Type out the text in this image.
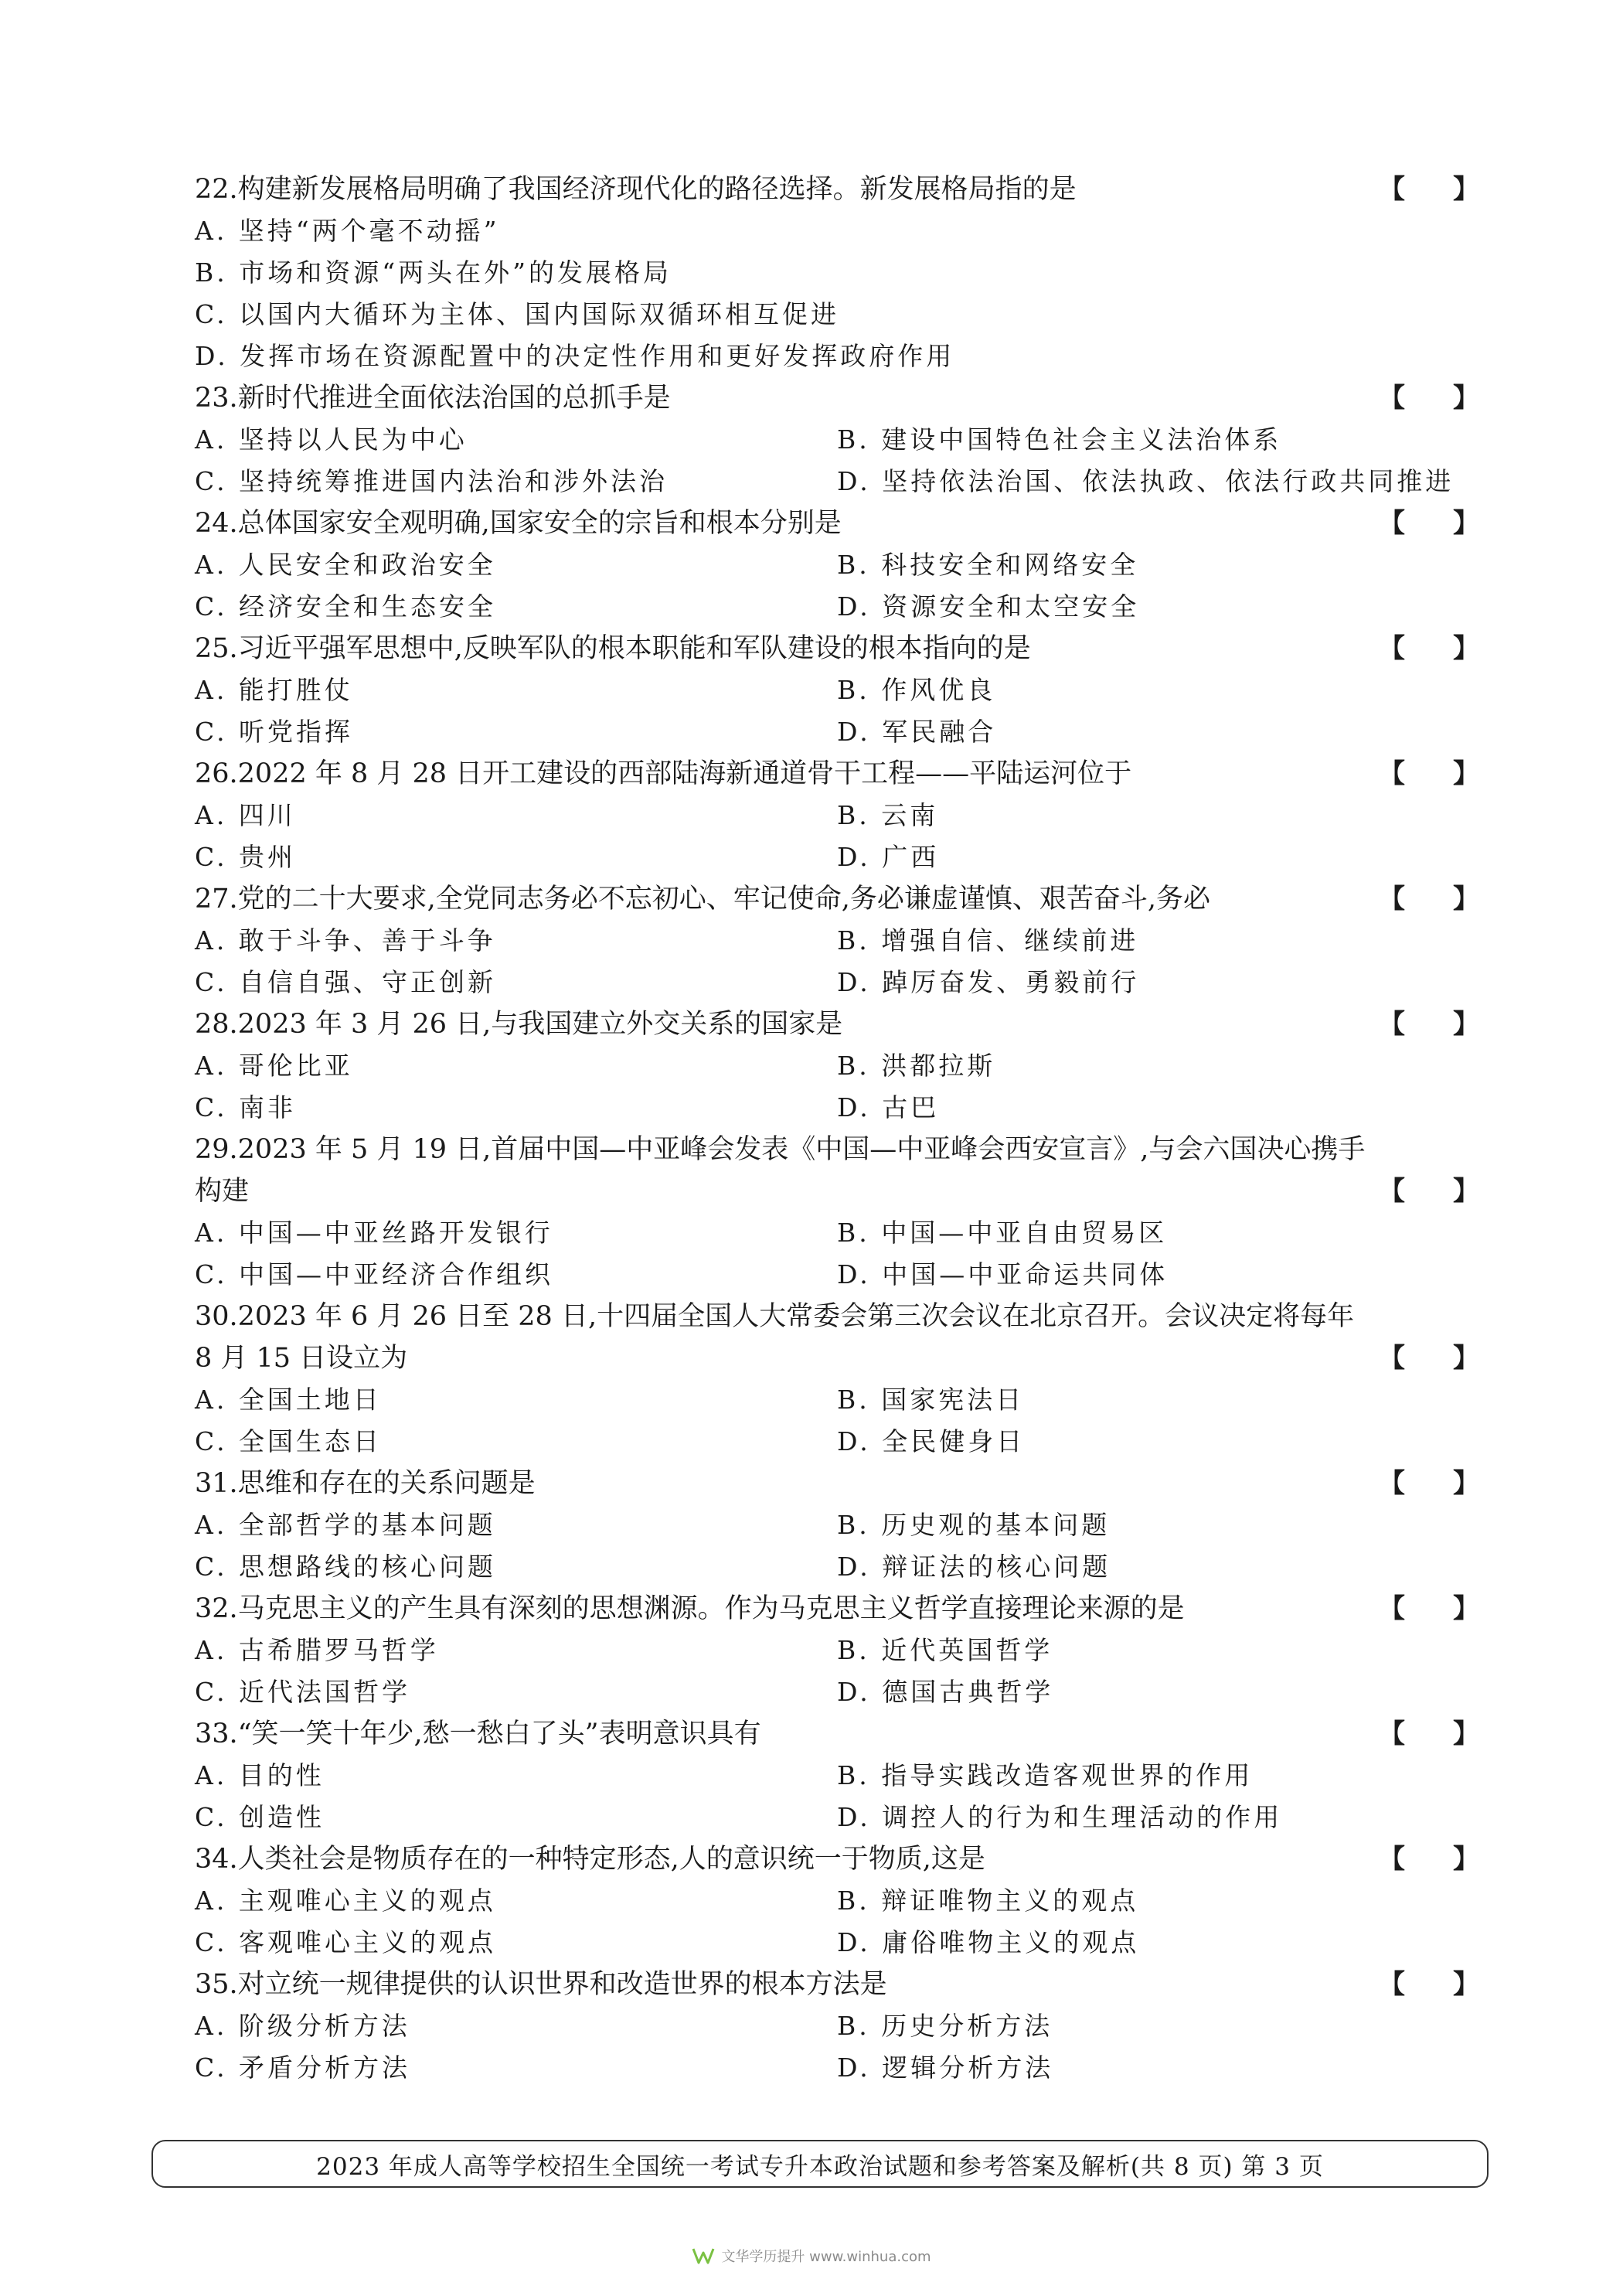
22.构建新发展格局明确了我国经济现代化的路径选择。新发展格局指的是	【 】
A. 坚持“两个毫不动摇”
B. 市场和资源“两头在外”的发展格局
C. 以国内大循环为主体、国内国际双循环相互促进
D. 发挥市场在资源配置中的决定性作用和更好发挥政府作用
23.新时代推进全面依法治国的总抓手是	【 】
A. 坚持以人民为中心	B. 建设中国特色社会主义法治体系
C. 坚持统筹推进国内法治和涉外法治	D. 坚持依法治国、依法执政、依法行政共同推进
24.总体国家安全观明确,国家安全的宗旨和根本分别是	【 】
A. 人民安全和政治安全	B. 科技安全和网络安全
C. 经济安全和生态安全	D. 资源安全和太空安全
25.习近平强军思想中,反映军队的根本职能和军队建设的根本指向的是	【 】
A. 能打胜仗	B. 作风优良
C. 听党指挥	D. 军民融合
26.2022 年 8 月 28 日开工建设的西部陆海新通道骨干工程——平陆运河位于	【 】
A. 四川	B. 云南
C. 贵州	D. 广西
27.党的二十大要求,全党同志务必不忘初心、牢记使命,务必谦虚谨慎、艰苦奋斗,务必	【 】
A. 敢于斗争、善于斗争	B. 增强自信、继续前进
C. 自信自强、守正创新	D. 踔厉奋发、勇毅前行
28.2023 年 3 月 26 日,与我国建立外交关系的国家是	【 】
A. 哥伦比亚	B. 洪都拉斯
C. 南非	D. 古巴
29.2023 年 5 月 19 日,首届中国—中亚峰会发表《中国—中亚峰会西安宣言》,与会六国决心携手
构建	【 】
A. 中国—中亚丝路开发银行	B. 中国—中亚自由贸易区
C. 中国—中亚经济合作组织	D. 中国—中亚命运共同体
30.2023 年 6 月 26 日至 28 日,十四届全国人大常委会第三次会议在北京召开。会议决定将每年
8 月 15 日设立为	【 】
A. 全国土地日	B. 国家宪法日
C. 全国生态日	D. 全民健身日
31.思维和存在的关系问题是	【 】
A. 全部哲学的基本问题	B. 历史观的基本问题
C. 思想路线的核心问题	D. 辩证法的核心问题
32.马克思主义的产生具有深刻的思想渊源。作为马克思主义哲学直接理论来源的是	【 】
A. 古希腊罗马哲学	B. 近代英国哲学
C. 近代法国哲学	D. 德国古典哲学
33.“笑一笑十年少,愁一愁白了头”表明意识具有	【 】
A. 目的性	B. 指导实践改造客观世界的作用
C. 创造性	D. 调控人的行为和生理活动的作用
34.人类社会是物质存在的一种特定形态,人的意识统一于物质,这是	【 】
A. 主观唯心主义的观点	B. 辩证唯物主义的观点
C. 客观唯心主义的观点	D. 庸俗唯物主义的观点
35.对立统一规律提供的认识世界和改造世界的根本方法是	【 】
A. 阶级分析方法	B. 历史分析方法
C. 矛盾分析方法	D. 逻辑分析方法
2023 年成人高等学校招生全国统一考试专升本政治试题和参考答案及解析(共 8 页) 第 3 页
文华学历提升 www.winhua.com
